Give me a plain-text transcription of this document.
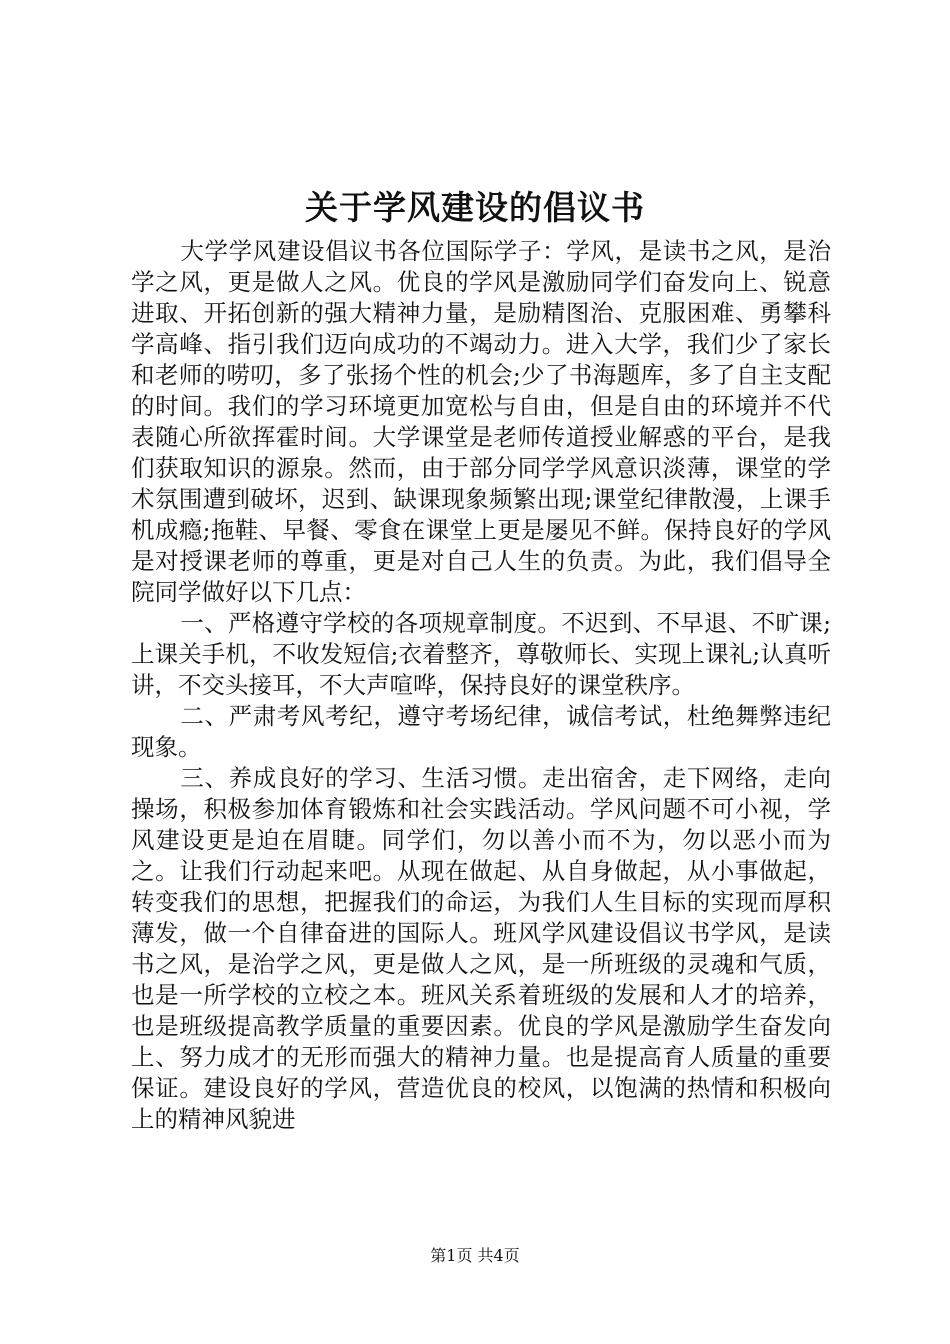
关于学风建设的倡议书

大学学风建设倡议书各位国际学子：学风，是读书之风，是治学之风，更是做人之风。优良的学风是激励同学们奋发向上、锐意进取、开拓创新的强大精神力量，是励精图治、克服困难、勇攀科学高峰、指引我们迈向成功的不竭动力。进入大学，我们少了家长和老师的唠叨，多了张扬个性的机会;少了书海题库，多了自主支配的时间。我们的学习环境更加宽松与自由，但是自由的环境并不代表随心所欲挥霍时间。大学课堂是老师传道授业解惑的平台，是我们获取知识的源泉。然而，由于部分同学学风意识淡薄，课堂的学术氛围遭到破坏，迟到、缺课现象频繁出现;课堂纪律散漫，上课手机成瘾;拖鞋、早餐、零食在课堂上更是屡见不鲜。保持良好的学风是对授课老师的尊重，更是对自己人生的负责。为此，我们倡导全院同学做好以下几点：

一、严格遵守学校的各项规章制度。不迟到、不早退、不旷课;上课关手机，不收发短信;衣着整齐，尊敬师长、实现上课礼;认真听讲，不交头接耳，不大声喧哗，保持良好的课堂秩序。

二、严肃考风考纪，遵守考场纪律，诚信考试，杜绝舞弊违纪现象。

三、养成良好的学习、生活习惯。走出宿舍，走下网络，走向操场，积极参加体育锻炼和社会实践活动。学风问题不可小视，学风建设更是迫在眉睫。同学们，勿以善小而不为，勿以恶小而为之。让我们行动起来吧。从现在做起、从自身做起，从小事做起，转变我们的思想，把握我们的命运，为我们人生目标的实现而厚积薄发，做一个自律奋进的国际人。班风学风建设倡议书学风，是读书之风，是治学之风，更是做人之风，是一所班级的灵魂和气质，也是一所学校的立校之本。班风关系着班级的发展和人才的培养，也是班级提高教学质量的重要因素。优良的学风是激励学生奋发向上、努力成才的无形而强大的精神力量。也是提高育人质量的重要保证。建设良好的学风，营造优良的校风，以饱满的热情和积极向上的精神风貌进

第1页 共4页
